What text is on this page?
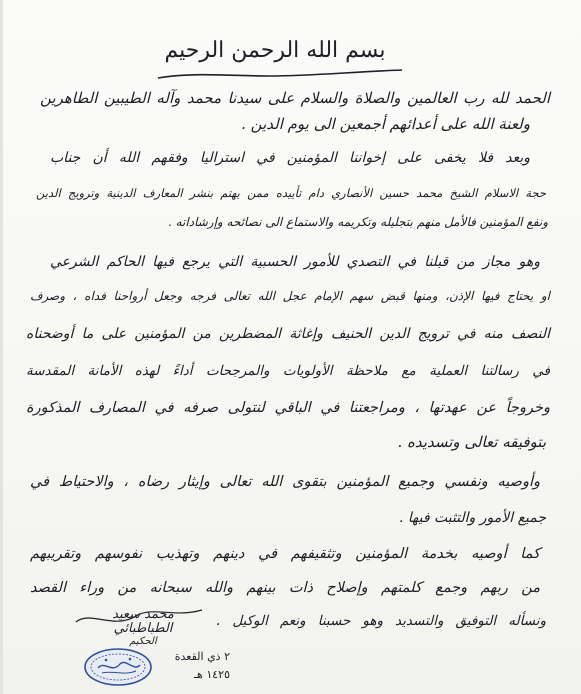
بسم الله الرحمن الرحيم
الحمد لله رب العالمين والصلاة والسلام على سيدنا محمد وآله الطيبين الطاهرين
ولعنة الله على أعدائهم أجمعين الى يوم الدين .
وبعد فلا يخفى على إخواننا المؤمنين في استراليا وفقهم الله أن جناب
حجة الاسلام الشيخ محمد حسين الأنصاري دام تأييده ممن يهتم بنشر المعارف الدينية وترويج الدين
ونفع المؤمنين فالأمل منهم بتجليله وتكريمه والاستماع الى نصائحه وإرشاداته .
وهو مجاز من قبلنا في التصدي للأمور الحسبية التي يرجع فيها الحاكم الشرعي
او يحتاج فيها الإذن، ومنها قبض سهم الإمام عجل الله تعالى فرجه وجعل أرواحنا فداه ، وصرف
النصف منه في ترويج الدين الحنيف وإغاثة المضطرين من المؤمنين على ما أوضحناه
في رسالتنا العملية مع ملاحظة الأولويات والمرجحات أداءً لهذه الأمانة المقدسة
وخروجاً عن عهدتها ، ومراجعتنا في الباقي لنتولى صرفه في المصارف المذكورة
بتوفيقه تعالى وتسديده .
وأوصيه ونفسي وجميع المؤمنين بتقوى الله تعالى وإيثار رضاه ، والاحتياط في
جميع الأمور والتثبت فيها .
كما أوصيه بخدمة المؤمنين وتثقيفهم في دينهم وتهذيب نفوسهم وتقريبهم
من ربهم وجمع كلمتهم وإصلاح ذات بينهم والله سبحانه من وراء القصد
ونسأله التوفيق والتسديد وهو حسبنا ونعم الوكيل .
محمد سعيد الطباطبائي
الحكيم
٢ ذي القعدة
١٤٢٥ هـ
